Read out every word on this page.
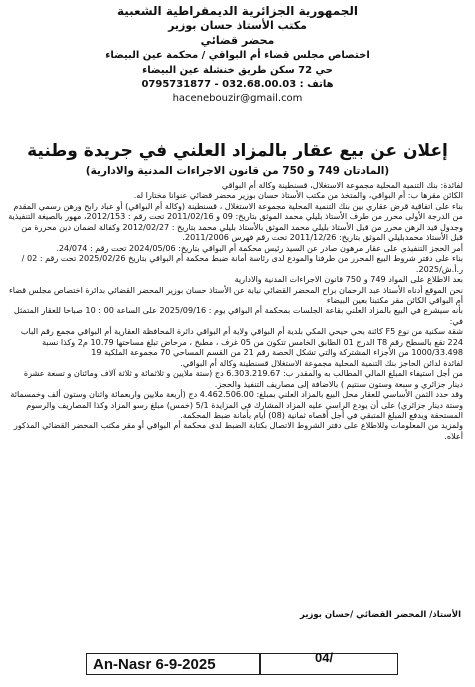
الجمهورية الجزائرية الديمقراطية الشعبية
مكتب الأستاذ حسان بوزير
محضر قضائي
اختصاص مجلس قضاء أم البواقي / محكمة عين البيضاء
حي 72 سكن طريق خنشلة عين البيضاء
هاتف : 032.68.00.03 - 0795731877
hacenebouzir@gmail.com
إعلان عن بيع عقار بالمزاد العلني في جريدة وطنية
(المادتان 749 و 750 من قانون الاجراءات المدنية والادارية)

لفائدة: بنك التنمية المحلية مجموعة الاستغلال، قسنطينة وكالة أم البواقي

الكائن مقرها ب: أم البواقي، والمتخذ من مكتب الأستاذ حسان بوزير محضر قضائي عنوانا مختارا له.

بناء على اتفاقية قرض عقاري بين بنك التنمية المحلية مجموعة الاستغلال ، قسنطينة (وكالة أم البواقي) أو عباد رابح ورهن رسمي المقدم من الدرجة الأولى محرر من طرف الأستاذ بليلي محمد الموثق بتاريخ: 09 و 2011/02/16 تحت رقم : 2012/153، مهور بالصيغة التنفيذية وجدول قيد الرهن محرر من قبل الأستاذ بليلي محمد الموثق بالأستاذ بليلي محمد بتاريخ : 2012/02/27 وكفالة لضمان دين محررة من قبل الأستاذ محمدبليلي الموثق بتاريخ: 2011/12/26 تحت رقم فهرس 2011/2006.

أمر الحجز التنفيذي على عقار مرهون صادر عن السيد رئيس محكمة أم البواقي بتاريخ: 2024/05/06 تحت رقم : 24/074.

بناء على دفتر شروط البيع المحرر من طرفنا والمودع لدى رئاسة أمانة ضبط محكمة أم البواقي بتاريخ 2025/02/26 تحت رقم : 02 / ر.أ.ش/2025.

بعد الاطلاع على المواد 749 و 750 قانون الاجراءات المدنية والادارية

نحن الموقع أدناه الأستاذ عبد الرحمان براح المحضر القضائي نيابة عن الأستاذ حسان بوزير المحضر القضائي بدائرة اختصاص مجلس قضاء أم البواقي الكائن مقر مكتبنا بعين البيضاء

بأنه سيشرع في البيع بالمزاد العلني بقاعة الجلسات بمحكمة أم البواقي يوم : 2025/09/16 على الساعة 00 : 10 صباحا للعقار المتمثل في:

شقة سكنية من نوع F5 كائنة بحي حيحي المكي بلدية أم البواقي ولاية أم البواقي دائرة المحافظة العقارية أم البواقي مجمع رقم الباب 224 تقع بالسطح رقم T8 الدرج 01 الطابق الخامس تتكون من 05 غرف ، مطبخ ، مرحاض تبلغ مساحتها 10.79 م2 وكذا نسبة 1000/33.498 من الأجزاء المشتركة والتي تشكل الحصة رقم 21 من القسم المساحي 70 مجموعة الملكية 19

لفائدة لدائن الحاجز بنك التنمية المحلية مجموعة الاستغلال قسنطينة وكالة أم البواقي.

من أجل استيفاء المبلغ المالي المطالب به والمقدر ب: 6.303.219.67 دج (ستة ملايين و ثلاثمائة و ثلاثة آلاف ومائتان و تسعة عشرة دينار جزائري و سبعة وستون سنتيم ) بالاضافة إلى مصاريف التنفيذ والحجز.

وقد حدد الثمن الأساسي للعقار محل البيع بالمزاد العلني بمبلغ: 4.462.506.00 دج (أربعة ملايين واربعمائة واثنان وستون ألف وخمسمائة وستة دينار جزائري) على أن يودع الراسي عليه المزاد المشارك في المزايدة 5/1 (خمس) مبلغ رسو المزاد وكذا المصاريف والرسوم المستحقة ويدفع المبلغ المتبقي في أجل أقصاه ثمانية (08) أيام بأمانة ضبط المحكمة.

ولمزيد من المعلومات وللاطلاع على دفتر الشروط الاتصال بكتابة الضبط لدى محكمة أم البواقي أو مقر مكتب المحضر القضائي المذكور أعلاه.

الأستاذ/ المحضر القضائي /حسان بوزير
An-Nasr 6-9-2025	04/
